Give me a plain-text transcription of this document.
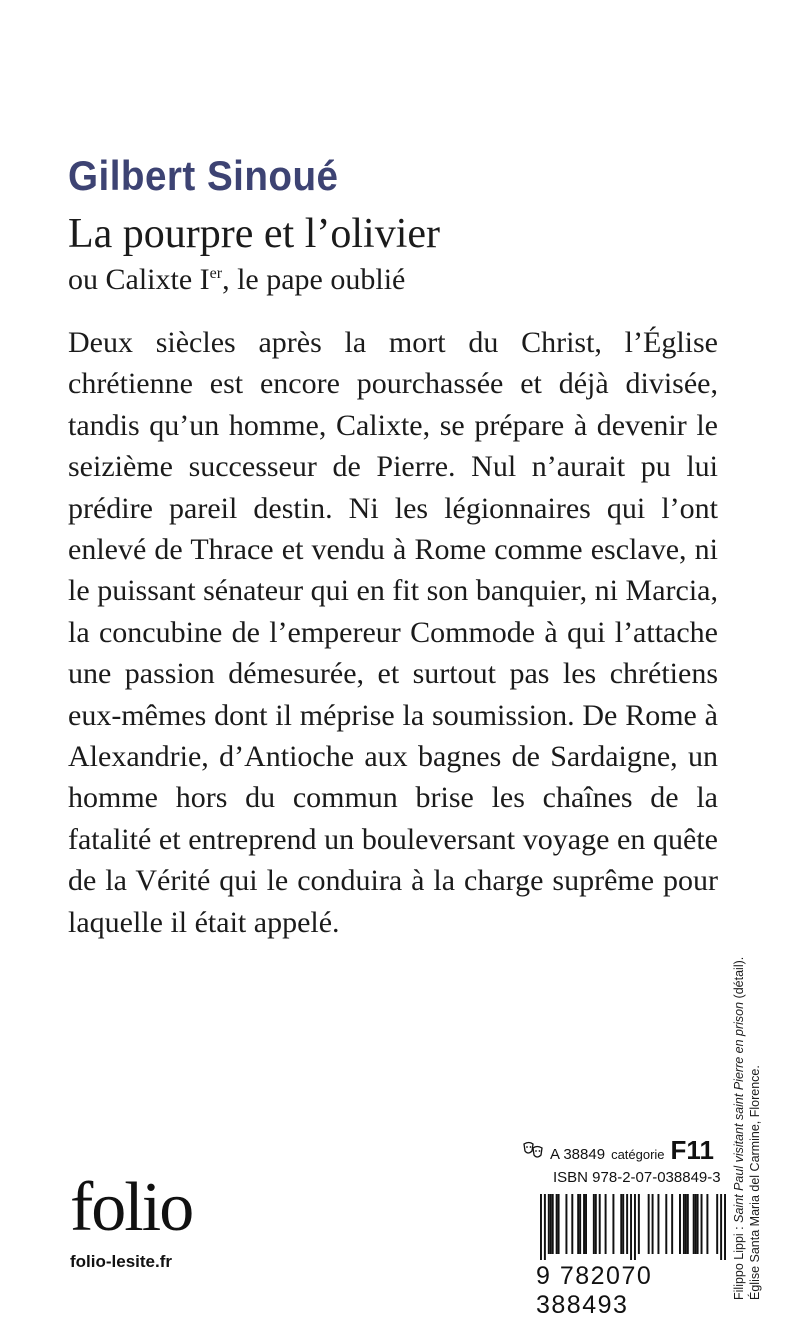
Gilbert Sinoué
La pourpre et l’olivier
ou Calixte Ier, le pape oublié

Deux siècles après la mort du Christ, l’Église chrétienne est encore pourchassée et déjà divisée, tandis qu’un homme, Calixte, se prépare à devenir le seizième successeur de Pierre. Nul n’aurait pu lui prédire pareil destin. Ni les légionnaires qui l’ont enlevé de Thrace et vendu à Rome comme esclave, ni le puissant sénateur qui en fit son banquier, ni Marcia, la concubine de l’empereur Commode à qui l’attache une passion démesurée, et surtout pas les chrétiens eux-mêmes dont il méprise la soumission. De Rome à Alexandrie, d’Antioche aux bagnes de Sardaigne, un homme hors du commun brise les chaînes de la fatalité et entreprend un bouleversant voyage en quête de la Vérité qui le conduira à la charge suprême pour laquelle il était appelé.

Filippo Lippi : Saint Paul visitant saint Pierre en prison (détail).
Église Santa Maria del Carmine, Florence.
folio
folio-lesite.fr
A 38849 catégorie F11
ISBN 978-2-07-038849-3
9 782070 388493
